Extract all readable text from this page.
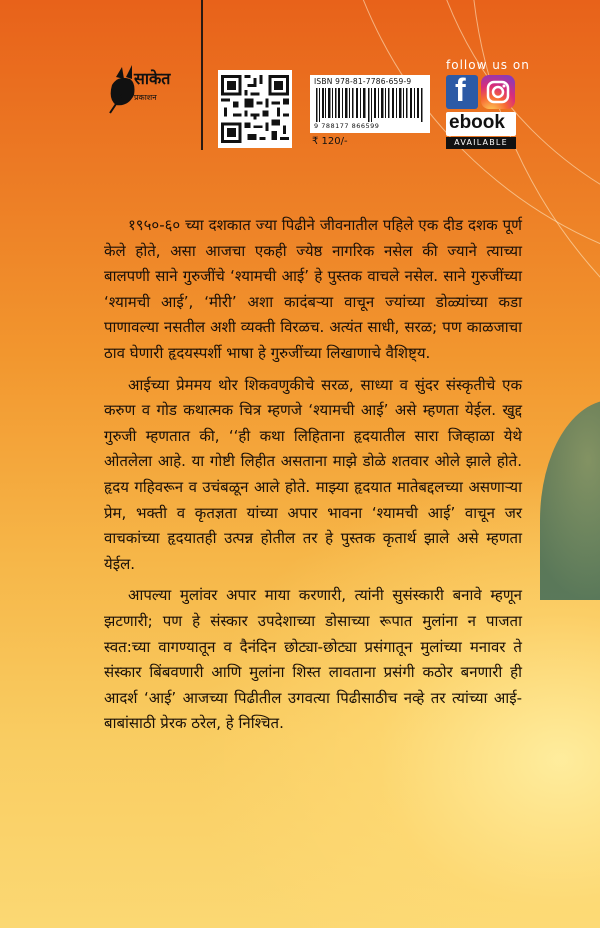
साकेत
प्रकाशन
ISBN 978-81-7786-659-9
9 788177 866599
₹ 120/-
follow us on
f
ebook
AVAILABLE

१९५०-६० च्या दशकात ज्या पिढीने जीवनातील पहिले एक दीड दशक पूर्ण केले होते, असा आजचा एकही ज्येष्ठ नागरिक नसेल की ज्याने त्याच्या बालपणी साने गुरुजींचे ‘श्यामची आई’ हे पुस्तक वाचले नसेल. साने गुरुजींच्या ‘श्यामची आई’, ‘मीरी’ अशा कादंबऱ्या वाचून ज्यांच्या डोळ्यांच्या कडा पाणावल्या नसतील अशी व्यक्ती विरळच. अत्यंत साधी, सरळ; पण काळजाचा ठाव घेणारी हृदयस्पर्शी भाषा हे गुरुजींच्या लिखाणाचे वैशिष्ट्य.

आईच्या प्रेममय थोर शिकवणुकीचे सरळ, साध्या व सुंदर संस्कृतीचे एक करुण व गोड कथात्मक चित्र म्हणजे ‘श्यामची आई’ असे म्हणता येईल. खुद्द गुरुजी म्हणतात की, ‘‘ही कथा लिहिताना हृदयातील सारा जिव्हाळा येथे ओतलेला आहे. या गोष्टी लिहीत असताना माझे डोळे शतवार ओले झाले होते. हृदय गहिवरून व उचंबळून आले होते. माझ्या हृदयात मातेबद्दलच्या असणाऱ्या प्रेम, भक्ती व कृतज्ञता यांच्या अपार भावना ‘श्यामची आई’ वाचून जर वाचकांच्या हृदयातही उत्पन्न होतील तर हे पुस्तक कृतार्थ झाले असे म्हणता येईल.

आपल्या मुलांवर अपार माया करणारी, त्यांनी सुसंस्कारी बनावे म्हणून झटणारी; पण हे संस्कार उपदेशाच्या डोसाच्या रूपात मुलांना न पाजता स्वत:च्या वागण्यातून व दैनंदिन छोट्या-छोट्या प्रसंगातून मुलांच्या मनावर ते संस्कार बिंबवणारी आणि मुलांना शिस्त लावताना प्रसंगी कठोर बनणारी ही आदर्श ‘आई’ आजच्या पिढीतील उगवत्या पिढीसाठीच नव्हे तर त्यांच्या आई-बाबांसाठी प्रेरक ठरेल, हे निश्चित.
